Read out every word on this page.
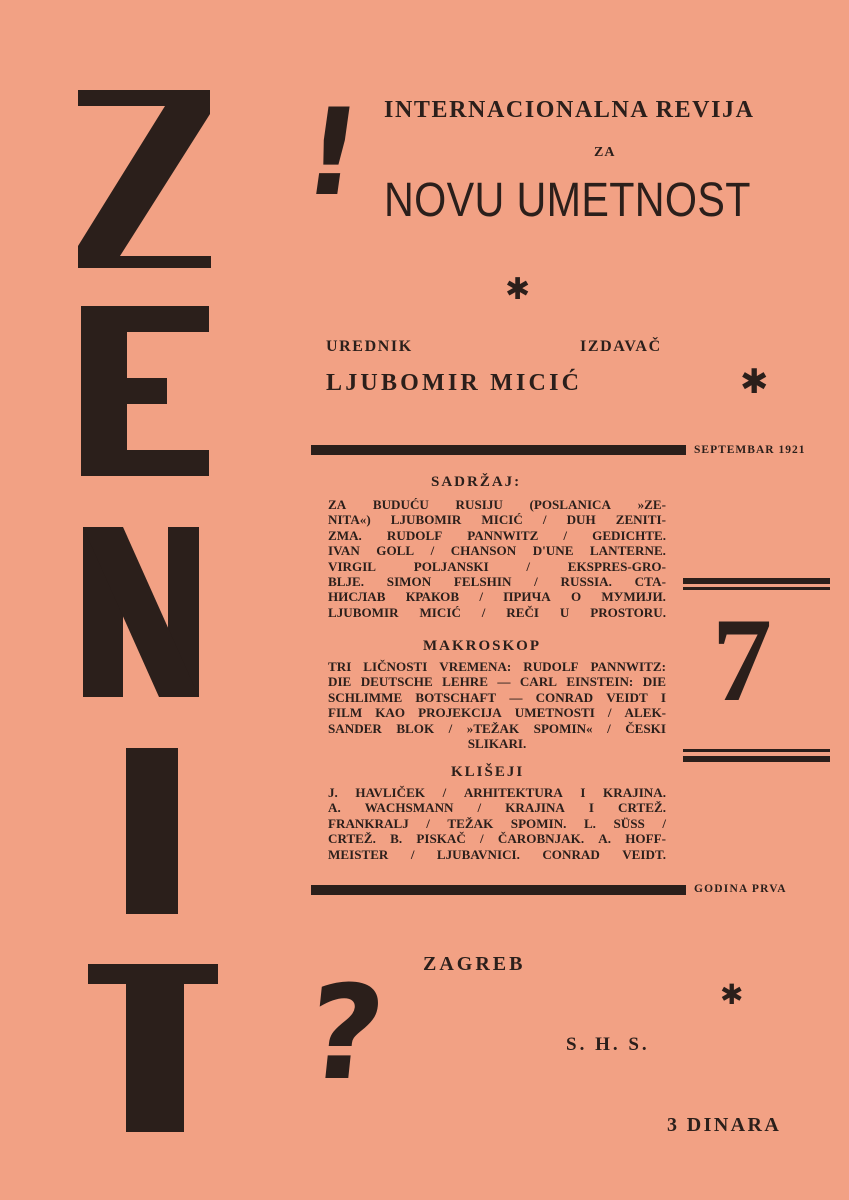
ZENIT
! INTERNACIONALNA REVIJA
ZA
NOVU UMETNOST
✱
UREDNIK	IZDAVAČ
LJUBOMIR MICIĆ	✱
SEPTEMBAR 1921
SADRŽAJ:
ZA BUDUĆU RUSIJU (POSLANICA »ZE-
NITA«) LJUBOMIR MICIĆ / DUH ZENITI-
ZMA. RUDOLF PANNWITZ / GEDICHTE.
IVAN GOLL / CHANSON D'UNE LANTERNE.
VIRGIL	POLJANSKI	/	EKSPRES-GRO-
BLJE. SIMON FELSHIN / RUSSIA. СТА-
НИСЛАВ КРАКОВ / ПРИЧА О МУМИЈИ.
LJUBOMIR MICIĆ / REČI U PROSTORU.
MAKROSKOP
TRI LIČNOSTI VREMENA: RUDOLF PANNWITZ:
DIE DEUTSCHE LEHRE — CARL EINSTEIN: DIE
SCHLIMME BOTSCHAFT — CONRAD VEIDT I
FILM KAO PROJEKCIJA UMETNOSTI / ALEK-
SANDER BLOK / »TEŽAK SPOMIN« / ČESKI
SLIKARI.
KLIŠEJI
J. HAVLIČEK / ARHITEKTURA I KRAJINA.
A. WACHSMANN / KRAJINA I CRTEŽ.
FRANKRALJ / TEŽAK SPOMIN. L. SÜSS /
CRTEŽ. B. PISKAČ / ČAROBNJAK. A. HOFF-
MEISTER / LJUBAVNICI. CONRAD VEIDT.
7
GODINA PRVA
ZAGREB
✱
?	S. H. S.
3 DINARA
